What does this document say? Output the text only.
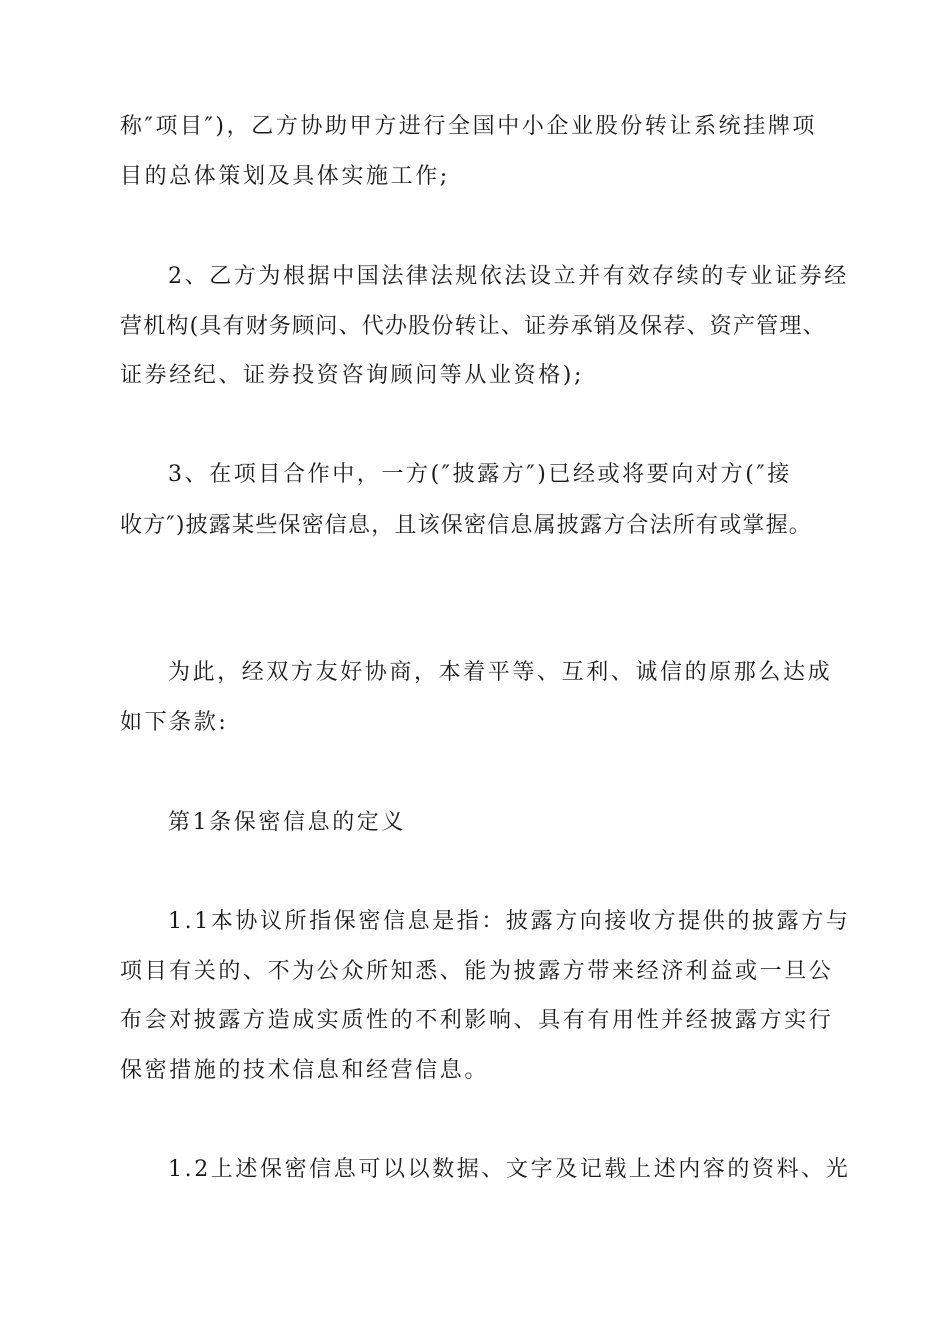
称″项目″)，乙方协助甲方进行全国中小企业股份转让系统挂牌项
目的总体策划及具体实施工作;
2、乙方为根据中国法律法规依法设立并有效存续的专业证券经
营机构(具有财务顾问、代办股份转让、证券承销及保荐、资产管理、
证券经纪、证券投资咨询顾问等从业资格);
3、在项目合作中，一方(″披露方″)已经或将要向对方(″接
收方″)披露某些保密信息，且该保密信息属披露方合法所有或掌握。
为此，经双方友好协商，本着平等、互利、诚信的原那么达成
如下条款:
第1条保密信息的定义
1.1本协议所指保密信息是指：披露方向接收方提供的披露方与
项目有关的、不为公众所知悉、能为披露方带来经济利益或一旦公
布会对披露方造成实质性的不利影响、具有有用性并经披露方实行
保密措施的技术信息和经营信息。
1.2上述保密信息可以以数据、文字及记载上述内容的资料、光
